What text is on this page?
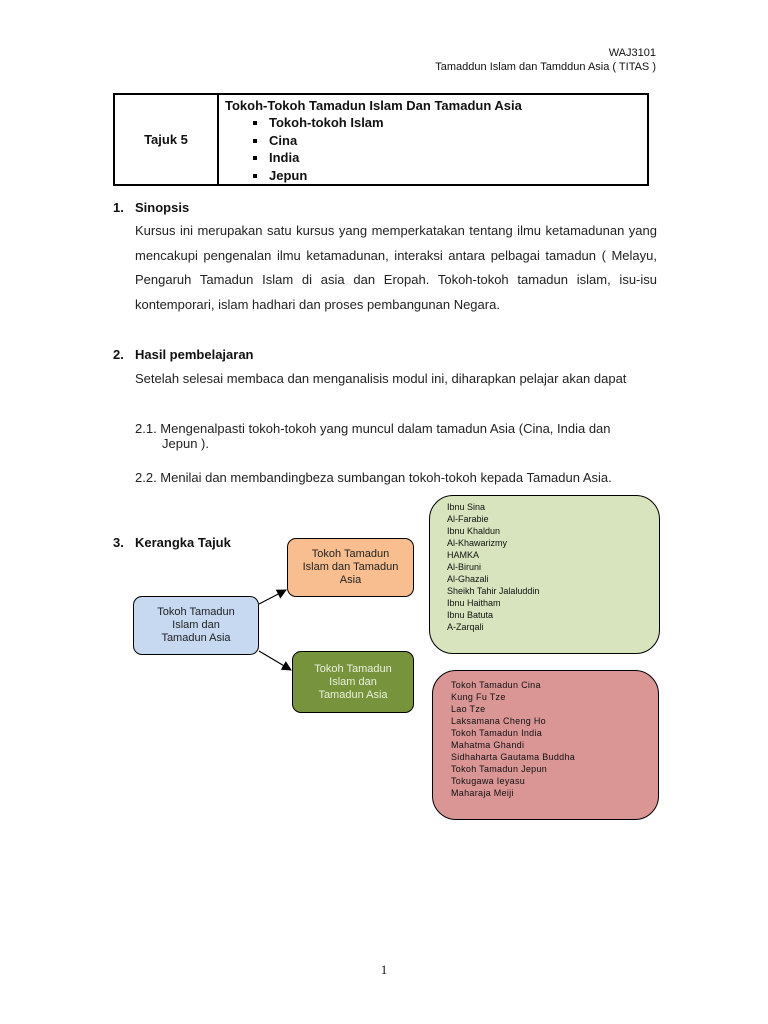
WAJ3101
Tamaddun Islam dan Tamddun Asia ( TITAS )
Tajuk 5	
Tokoh-Tokoh Tamadun Islam Dan Tamadun Asia
Tokoh-tokoh Islam
Cina
India
Jepun
1. Sinopsis
Kursus ini merupakan satu kursus yang memperkatakan tentang ilmu ketamadunan yang mencakupi pengenalan ilmu ketamadunan, interaksi antara pelbagai tamadun ( Melayu, Pengaruh Tamadun Islam di asia dan Eropah. Tokoh-tokoh tamadun islam, isu-isu kontemporari, islam hadhari dan proses pembangunan Negara.
2. Hasil pembelajaran
Setelah selesai membaca dan menganalisis modul ini, diharapkan pelajar akan dapat
2.1. Mengenalpasti tokoh-tokoh yang muncul dalam tamadun Asia (Cina, India dan
Jepun ).
2.2. Menilai dan membandingbeza sumbangan tokoh-tokoh kepada Tamadun Asia.
3. Kerangka Tajuk
Tokoh Tamadun Islam dan Tamadun Asia
Tokoh Tamadun Islam dan Tamadun Asia
Tokoh Tamadun Islam dan Tamadun Asia
Ibnu Sina
Al-Farabie
Ibnu Khaldun
Al-Khawarizmy
HAMKA
Al-Biruni
Al-Ghazali
Sheikh Tahir Jalaluddin
Ibnu Haitham
Ibnu Batuta
A-Zarqali
Tokoh Tamadun Cina
Kung Fu Tze
Lao Tze
Laksamana Cheng Ho
Tokoh Tamadun India
Mahatma Ghandi
Sidhaharta Gautama Buddha
Tokoh Tamadun Jepun
Tokugawa Ieyasu
Maharaja Meiji
1
